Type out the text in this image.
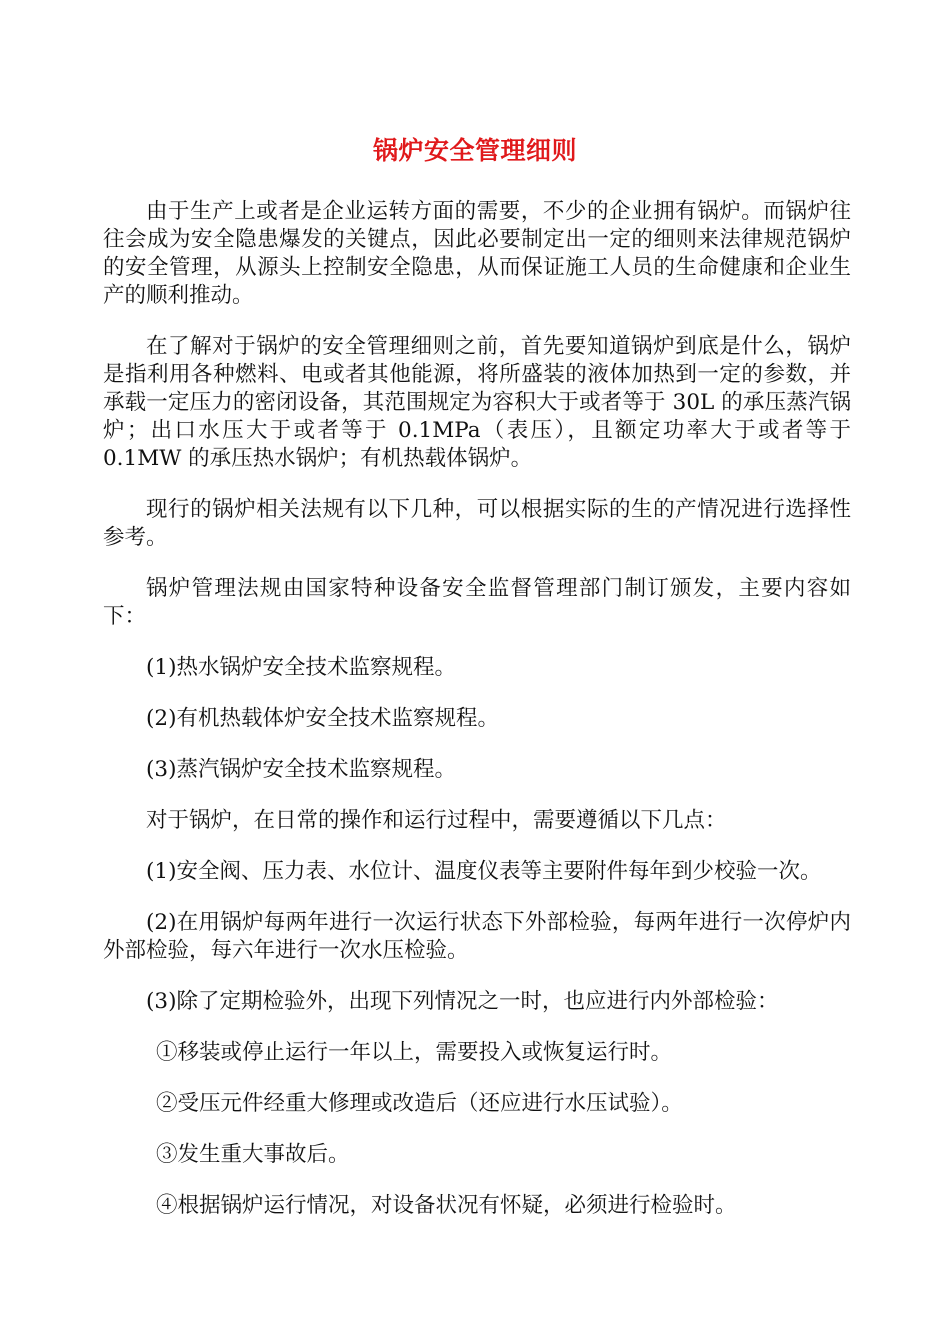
锅炉安全管理细则

由于生产上或者是企业运转方面的需要，不少的企业拥有锅炉。而锅炉往往会成为安全隐患爆发的关键点，因此必要制定出一定的细则来法律规范锅炉的安全管理，从源头上控制安全隐患，从而保证施工人员的生命健康和企业生产的顺利推动。

在了解对于锅炉的安全管理细则之前，首先要知道锅炉到底是什么，锅炉是指利用各种燃料、电或者其他能源，将所盛装的液体加热到一定的参数，并承载一定压力的密闭设备，其范围规定为容积大于或者等于 30L 的承压蒸汽锅炉；出口水压大于或者等于 0.1MPa（表压），且额定功率大于或者等于 0.1MW 的承压热水锅炉；有机热载体锅炉。

现行的锅炉相关法规有以下几种，可以根据实际的生的产情况进行选择性参考。

锅炉管理法规由国家特种设备安全监督管理部门制订颁发，主要内容如下：

(1)热水锅炉安全技术监察规程。

(2)有机热载体炉安全技术监察规程。

(3)蒸汽锅炉安全技术监察规程。

对于锅炉，在日常的操作和运行过程中，需要遵循以下几点：

(1)安全阀、压力表、水位计、温度仪表等主要附件每年到少校验一次。

(2)在用锅炉每两年进行一次运行状态下外部检验，每两年进行一次停炉内外部检验，每六年进行一次水压检验。

(3)除了定期检验外，出现下列情况之一时，也应进行内外部检验：

①移装或停止运行一年以上，需要投入或恢复运行时。

②受压元件经重大修理或改造后（还应进行水压试验）。

③发生重大事故后。

④根据锅炉运行情况，对设备状况有怀疑，必须进行检验时。
